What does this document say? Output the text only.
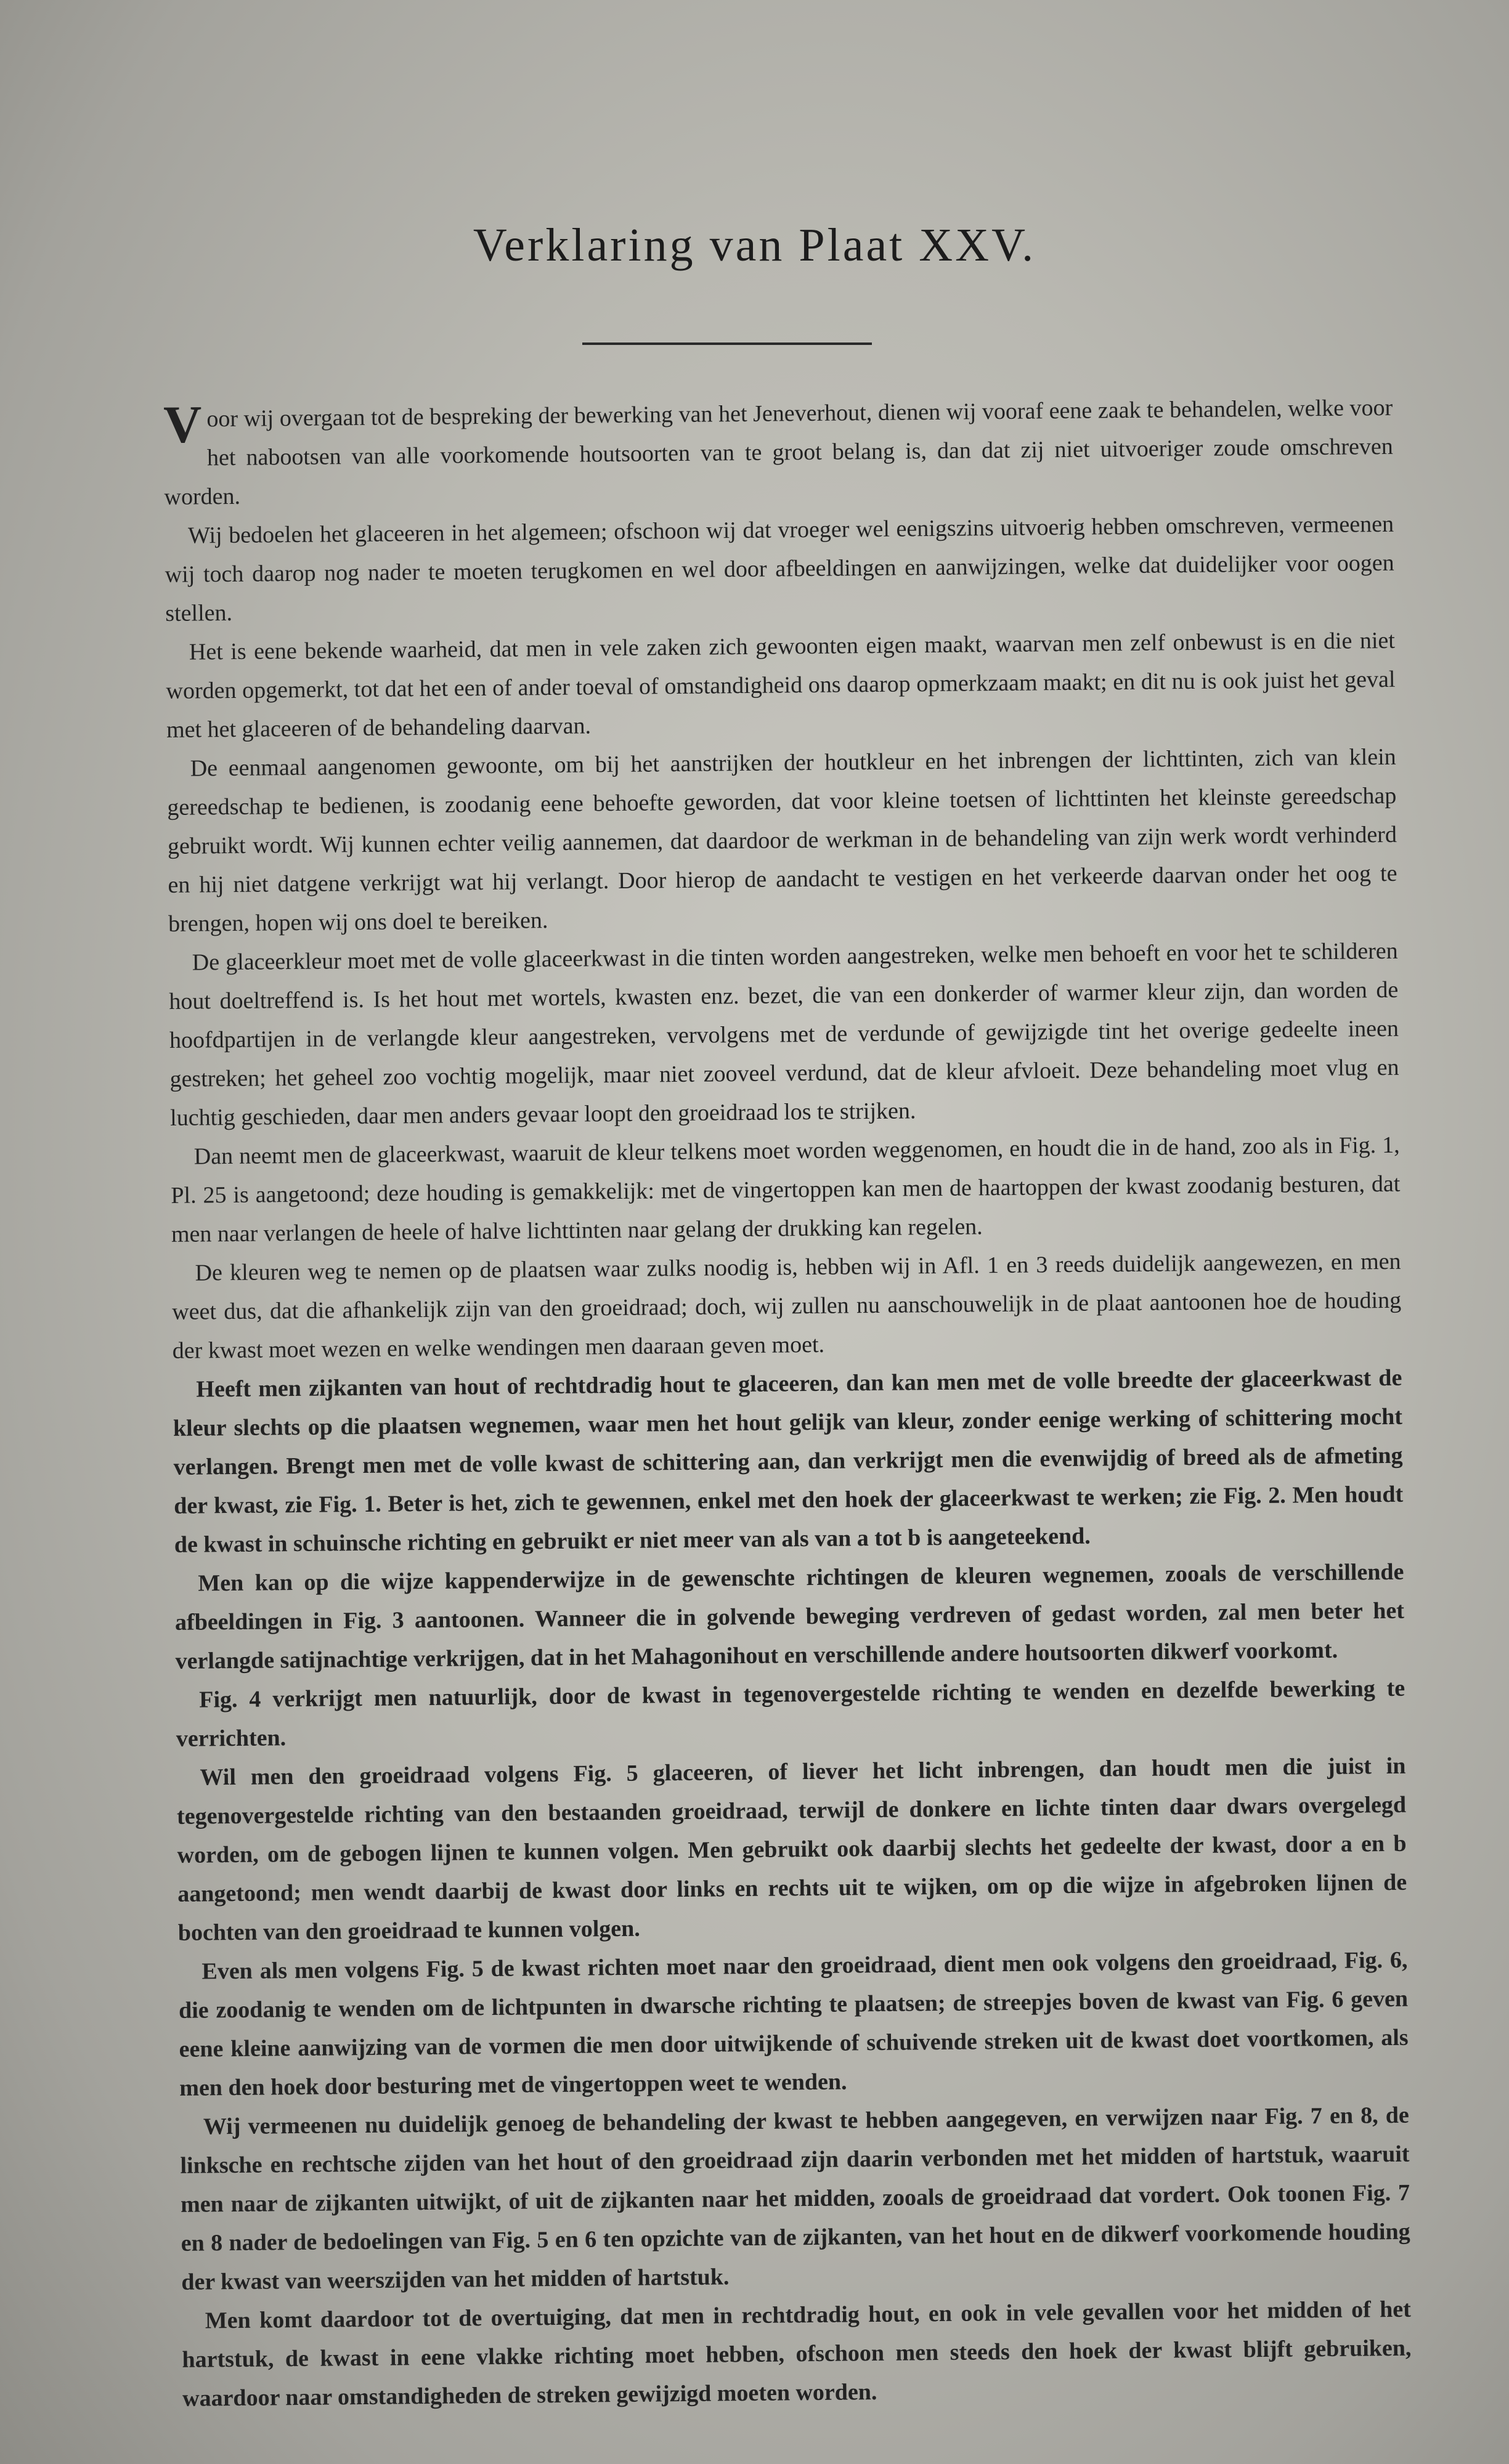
Verklaring van Plaat XXV.

Voor wij overgaan tot de bespreking der bewerking van het Jeneverhout, dienen wij vooraf eene zaak te behandelen, welke voor het nabootsen van alle voorkomende houtsoorten van te groot belang is, dan dat zij niet uitvoeriger zoude omschreven worden.

Wij bedoelen het glaceeren in het algemeen; ofschoon wij dat vroeger wel eenigszins uitvoerig hebben omschreven, vermeenen wij toch daarop nog nader te moeten terugkomen en wel door afbeeldingen en aanwijzingen, welke dat duidelijker voor oogen stellen.

Het is eene bekende waarheid, dat men in vele zaken zich gewoonten eigen maakt, waarvan men zelf onbewust is en die niet worden opgemerkt, tot dat het een of ander toeval of omstandigheid ons daarop opmerkzaam maakt; en dit nu is ook juist het geval met het glaceeren of de behandeling daarvan.

De eenmaal aangenomen gewoonte, om bij het aanstrijken der houtkleur en het inbrengen der lichttinten, zich van klein gereedschap te bedienen, is zoodanig eene behoefte geworden, dat voor kleine toetsen of lichttinten het kleinste gereedschap gebruikt wordt. Wij kunnen echter veilig aannemen, dat daardoor de werkman in de behandeling van zijn werk wordt verhinderd en hij niet datgene verkrijgt wat hij verlangt. Door hierop de aandacht te vestigen en het verkeerde daarvan onder het oog te brengen, hopen wij ons doel te bereiken.

De glaceerkleur moet met de volle glaceerkwast in die tinten worden aangestreken, welke men behoeft en voor het te schilderen hout doeltreffend is. Is het hout met wortels, kwasten enz. bezet, die van een donkerder of warmer kleur zijn, dan worden de hoofdpartijen in de verlangde kleur aangestreken, vervolgens met de verdunde of gewijzigde tint het overige gedeelte ineen gestreken; het geheel zoo vochtig mogelijk, maar niet zooveel verdund, dat de kleur afvloeit. Deze behandeling moet vlug en luchtig geschieden, daar men anders gevaar loopt den groeidraad los te strijken.

Dan neemt men de glaceerkwast, waaruit de kleur telkens moet worden weggenomen, en houdt die in de hand, zoo als in Fig. 1, Pl. 25 is aangetoond; deze houding is gemakkelijk: met de vingertoppen kan men de haartoppen der kwast zoodanig besturen, dat men naar verlangen de heele of halve lichttinten naar gelang der drukking kan regelen.

De kleuren weg te nemen op de plaatsen waar zulks noodig is, hebben wij in Afl. 1 en 3 reeds duidelijk aangewezen, en men weet dus, dat die afhankelijk zijn van den groeidraad; doch, wij zullen nu aanschouwelijk in de plaat aantoonen hoe de houding der kwast moet wezen en welke wendingen men daaraan geven moet.

Heeft men zijkanten van hout of rechtdradig hout te glaceeren, dan kan men met de volle breedte der glaceerkwast de kleur slechts op die plaatsen wegnemen, waar men het hout gelijk van kleur, zonder eenige werking of schittering mocht verlangen. Brengt men met de volle kwast de schittering aan, dan verkrijgt men die evenwijdig of breed als de afmeting der kwast, zie Fig. 1. Beter is het, zich te gewennen, enkel met den hoek der glaceerkwast te werken; zie Fig. 2. Men houdt de kwast in schuinsche richting en gebruikt er niet meer van als van a tot b is aangeteekend.

Men kan op die wijze kappenderwijze in de gewenschte richtingen de kleuren wegnemen, zooals de verschillende afbeeldingen in Fig. 3 aantoonen. Wanneer die in golvende beweging verdreven of gedast worden, zal men beter het verlangde satijnachtige verkrijgen, dat in het Mahagonihout en verschillende andere houtsoorten dikwerf voorkomt.

Fig. 4 verkrijgt men natuurlijk, door de kwast in tegenovergestelde richting te wenden en dezelfde bewerking te verrichten.

Wil men den groeidraad volgens Fig. 5 glaceeren, of liever het licht inbrengen, dan houdt men die juist in tegenovergestelde richting van den bestaanden groeidraad, terwijl de donkere en lichte tinten daar dwars overgelegd worden, om de gebogen lijnen te kunnen volgen. Men gebruikt ook daarbij slechts het gedeelte der kwast, door a en b aangetoond; men wendt daarbij de kwast door links en rechts uit te wijken, om op die wijze in afgebroken lijnen de bochten van den groeidraad te kunnen volgen.

Even als men volgens Fig. 5 de kwast richten moet naar den groeidraad, dient men ook volgens den groeidraad, Fig. 6, die zoodanig te wenden om de lichtpunten in dwarsche richting te plaatsen; de streepjes boven de kwast van Fig. 6 geven eene kleine aanwijzing van de vormen die men door uitwijkende of schuivende streken uit de kwast doet voortkomen, als men den hoek door besturing met de vingertoppen weet te wenden.

Wij vermeenen nu duidelijk genoeg de behandeling der kwast te hebben aangegeven, en verwijzen naar Fig. 7 en 8, de linksche en rechtsche zijden van het hout of den groeidraad zijn daarin verbonden met het midden of hartstuk, waaruit men naar de zijkanten uitwijkt, of uit de zijkanten naar het midden, zooals de groeidraad dat vordert. Ook toonen Fig. 7 en 8 nader de bedoelingen van Fig. 5 en 6 ten opzichte van de zijkanten, van het hout en de dikwerf voorkomende houding der kwast van weerszijden van het midden of hartstuk.

Men komt daardoor tot de overtuiging, dat men in rechtdradig hout, en ook in vele gevallen voor het midden of het hartstuk, de kwast in eene vlakke richting moet hebben, ofschoon men steeds den hoek der kwast blijft gebruiken, waardoor naar omstandigheden de streken gewijzigd moeten worden.
